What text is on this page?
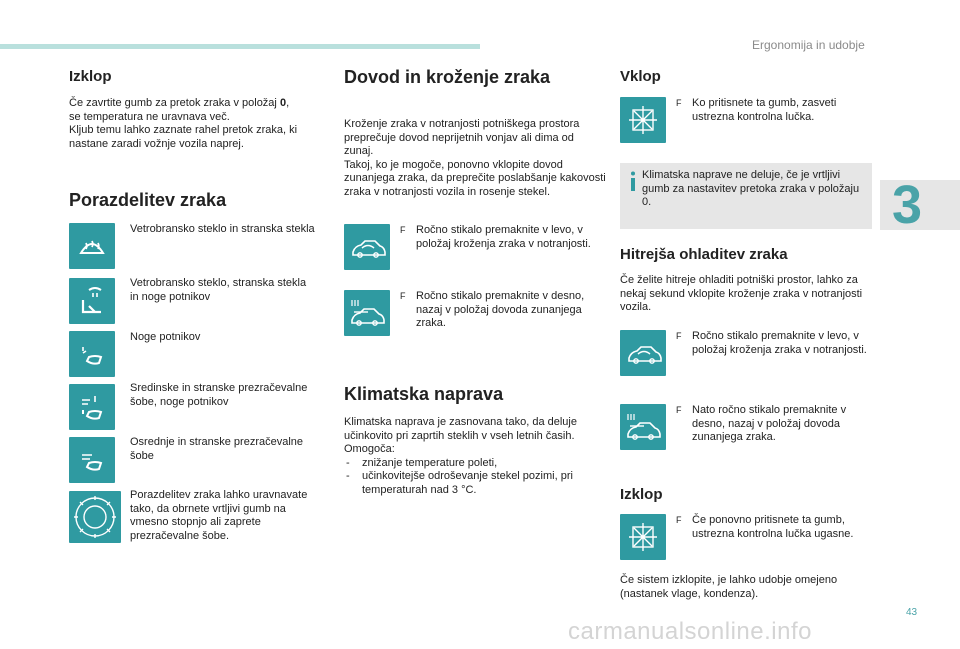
Ergonomija in udobje
3
43
carmanualsonline.info
Izklop
Če zavrtite gumb za pretok zraka v položaj 0,
se temperatura ne uravnava več.
Kljub temu lahko zaznate rahel pretok zraka, ki nastane zaradi vožnje vozila naprej.
Porazdelitev zraka
Vetrobransko steklo in stranska stekla
Vetrobransko steklo, stranska stekla in noge potnikov
Noge potnikov
Sredinske in stranske prezračevalne šobe, noge potnikov
Osrednje in stranske prezračevalne šobe
Porazdelitev zraka lahko uravnavate tako, da obrnete vrtljivi gumb na vmesno stopnjo ali zaprete prezračevalne šobe.
Dovod in kroženje zraka
Kroženje zraka v notranjosti potniškega prostora preprečuje dovod neprijetnih vonjav ali dima od zunaj.
Takoj, ko je mogoče, ponovno vklopite dovod zunanjega zraka, da preprečite poslabšanje kakovosti zraka v notranjosti vozila in rosenje stekel.
F Ročno stikalo premaknite v levo, v položaj kroženja zraka v notranjosti.
F Ročno stikalo premaknite v desno, nazaj v položaj dovoda zunanjega zraka.
Klimatska naprava
Klimatska naprava je zasnovana tako, da deluje učinkovito pri zaprtih steklih v vseh letnih časih.
Omogoča:
- znižanje temperature poleti,
- učinkovitejše odroševanje stekel pozimi, pri temperaturah nad 3 °C.
Vklop
F Ko pritisnete ta gumb, zasveti ustrezna kontrolna lučka.
Klimatska naprave ne deluje, če je vrtljivi gumb za nastavitev pretoka zraka v položaju 0.
Hitrejša ohladitev zraka
Če želite hitreje ohladiti potniški prostor, lahko za nekaj sekund vklopite kroženje zraka v notranjosti vozila.
F Ročno stikalo premaknite v levo, v položaj kroženja zraka v notranjosti.
F Nato ročno stikalo premaknite v desno, nazaj v položaj dovoda zunanjega zraka.
Izklop
F Če ponovno pritisnete ta gumb, ustrezna kontrolna lučka ugasne.
Če sistem izklopite, je lahko udobje omejeno (nastanek vlage, kondenza).
